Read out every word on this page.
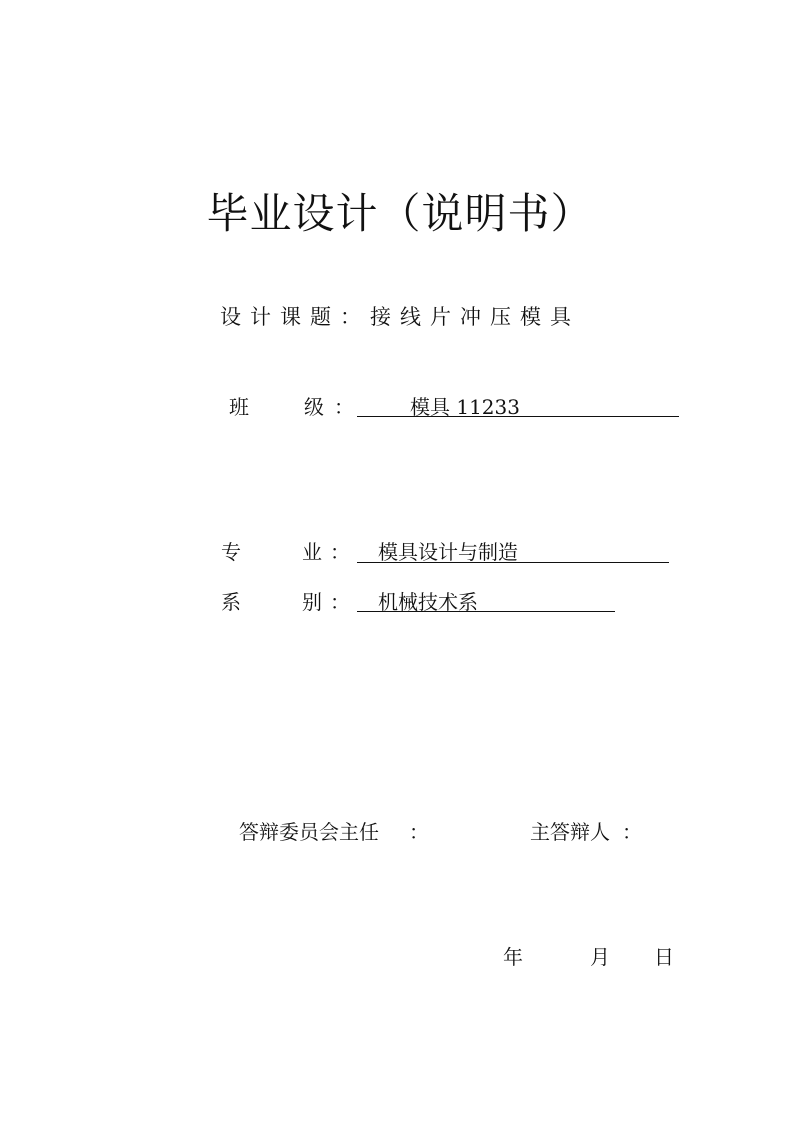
毕业设计（说明书）
设计课题：接线片冲压模具
班	级 ：	模具 11233
专	业 ： 模具设计与制造
系	别 ： 机械技术系
答辩委员会主任 ：	主答辩人 ：
年	月 日
